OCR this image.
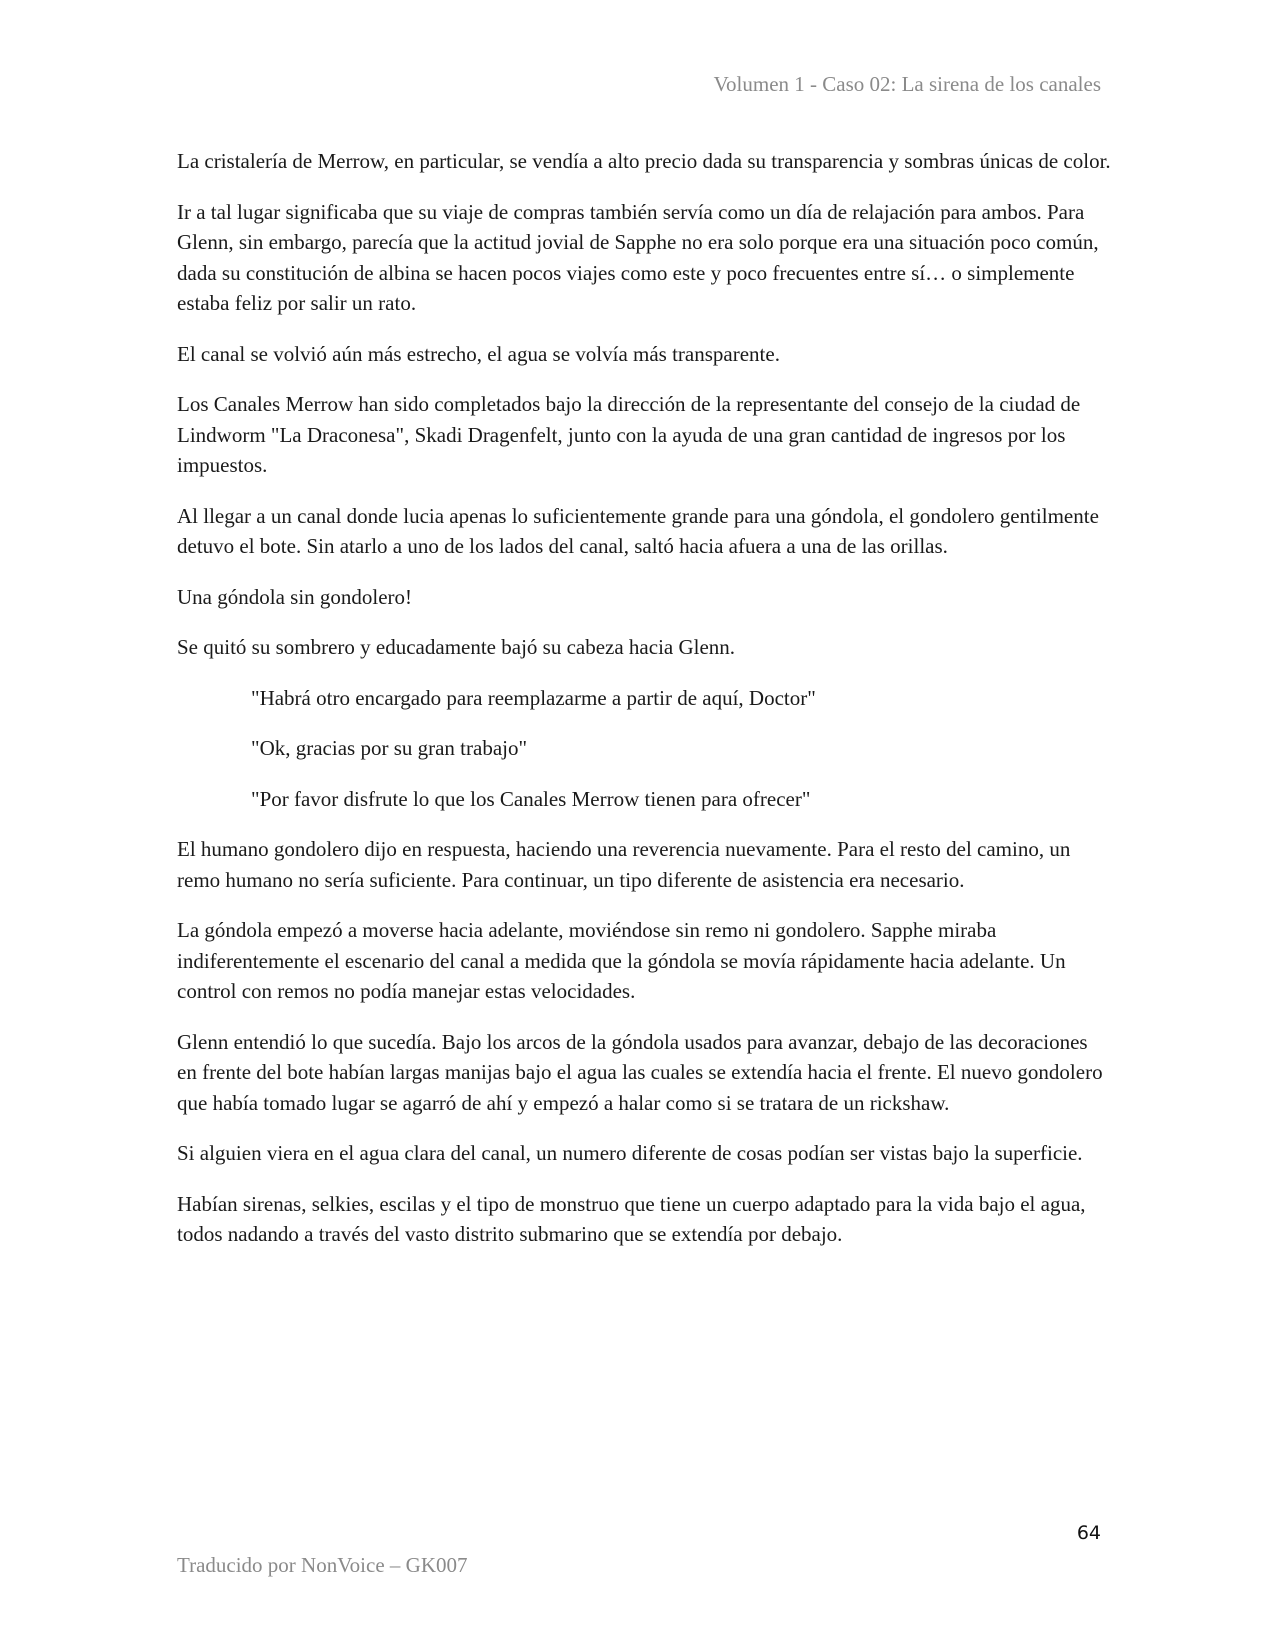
Volumen 1 - Caso 02: La sirena de los canales

La cristalería de Merrow, en particular, se vendía a alto precio dada su transparencia y sombras únicas de color.

Ir a tal lugar significaba que su viaje de compras también servía como un día de relajación para ambos. Para Glenn, sin embargo, parecía que la actitud jovial de Sapphe no era solo porque era una situación poco común, dada su constitución de albina se hacen pocos viajes como este y poco frecuentes entre sí… o simplemente estaba feliz por salir un rato.

El canal se volvió aún más estrecho, el agua se volvía más transparente.

Los Canales Merrow han sido completados bajo la dirección de la representante del consejo de la ciudad de Lindworm "La Draconesa", Skadi Dragenfelt, junto con la ayuda de una gran cantidad de ingresos por los impuestos.

Al llegar a un canal donde lucia apenas lo suficientemente grande para una góndola, el gondolero gentilmente detuvo el bote. Sin atarlo a uno de los lados del canal, saltó hacia afuera a una de las orillas.

Una góndola sin gondolero!

Se quitó su sombrero y educadamente bajó su cabeza hacia Glenn.

"Habrá otro encargado para reemplazarme a partir de aquí, Doctor"

"Ok, gracias por su gran trabajo"

"Por favor disfrute lo que los Canales Merrow tienen para ofrecer"

El humano gondolero dijo en respuesta, haciendo una reverencia nuevamente. Para el resto del camino, un remo humano no sería suficiente. Para continuar, un tipo diferente de asistencia era necesario.

La góndola empezó a moverse hacia adelante, moviéndose sin remo ni gondolero. Sapphe miraba indiferentemente el escenario del canal a medida que la góndola se movía rápidamente hacia adelante. Un control con remos no podía manejar estas velocidades.

Glenn entendió lo que sucedía. Bajo los arcos de la góndola usados para avanzar, debajo de las decoraciones en frente del bote habían largas manijas bajo el agua las cuales se extendía hacia el frente. El nuevo gondolero que había tomado lugar se agarró de ahí y empezó a halar como si se tratara de un rickshaw.

Si alguien viera en el agua clara del canal, un numero diferente de cosas podían ser vistas bajo la superficie.

Habían sirenas, selkies, escilas y el tipo de monstruo que tiene un cuerpo adaptado para la vida bajo el agua, todos nadando a través del vasto distrito submarino que se extendía por debajo.

64
Traducido por NonVoice – GK007
